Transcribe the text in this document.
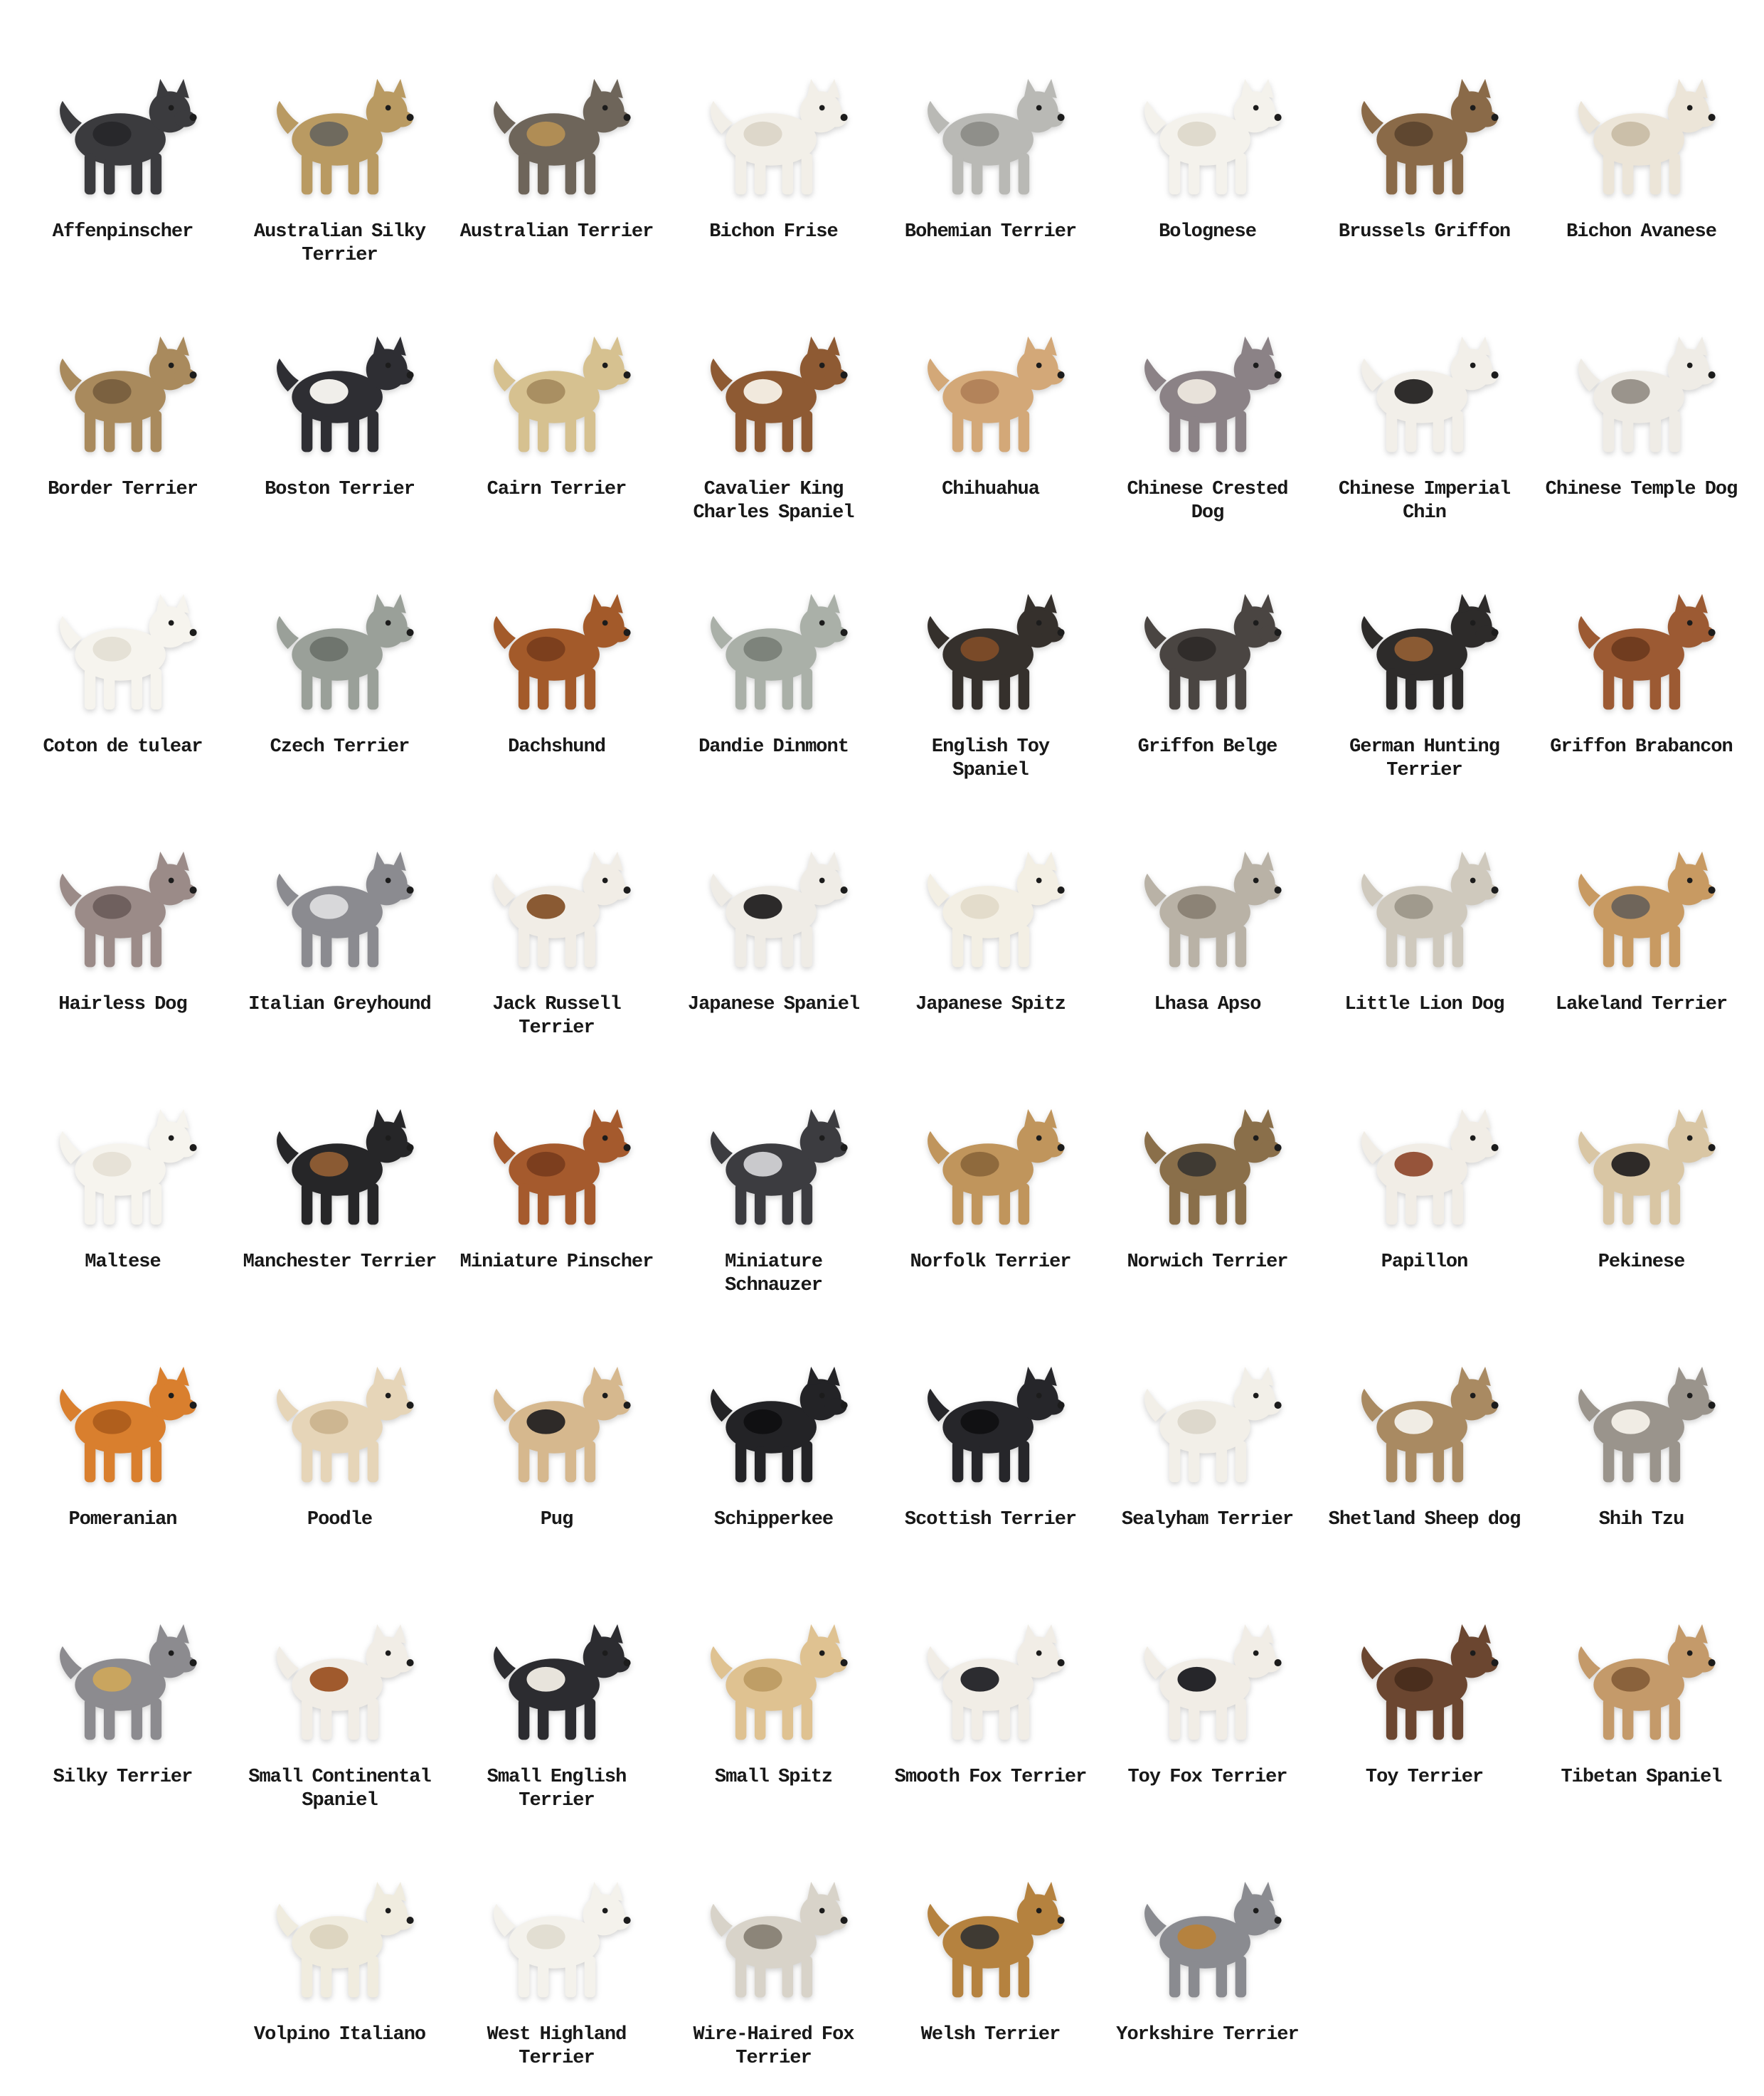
Affenpinscher	Australian Silky Terrier
Australian Terrier	Bichon Frise	Bohemian Terrier	Bolognese	Brussels Griffon	Bichon Avanese
Border Terrier	Boston Terrier	Cairn Terrier	Cavalier King Charles Spaniel
Chihuahua	Chinese Crested Dog
Chinese Imperial Chin
Chinese Temple Dog
Coton de tulear	Czech Terrier	Dachshund	Dandie Dinmont	English Toy Spaniel
Griffon Belge	German Hunting Terrier
Griffon Brabancon
Hairless Dog	Italian Greyhound	Jack Russell Terrier
Japanese Spaniel	Japanese Spitz	Lhasa Apso	Little Lion Dog	Lakeland Terrier
Maltese	Manchester Terrier Miniature Pinscher	Miniature Schnauzer
Norfolk Terrier	Norwich Terrier	Papillon	Pekinese
Pomeranian	Poodle	Pug	Schipperkee	Scottish Terrier	Sealyham Terrier	Shetland Sheep dog	Shih Tzu
Silky Terrier	Small Continental Spaniel
Small English Terrier
Small Spitz	Smooth Fox Terrier	Toy Fox Terrier	Toy Terrier	Tibetan Spaniel
Volpino Italiano	West Highland Terrier
Wire-Haired Fox Terrier
Welsh Terrier	Yorkshire Terrier
